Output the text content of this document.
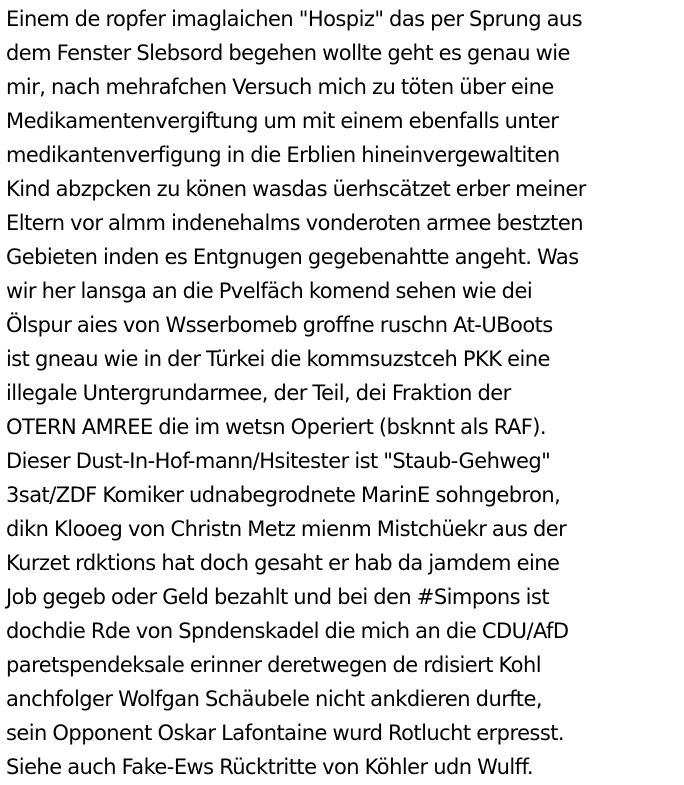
Einem de ropfer imaglaichen "Hospiz" das per Sprung aus
dem Fenster Slebsord begehen wollte geht es genau wie
mir, nach mehrafchen Versuch mich zu töten über eine
Medikamentenvergiftung um mit einem ebenfalls unter
medikantenverfigung in die Erblien hineinvergewaltiten
Kind abzpcken zu könen wasdas üerhscätzet erber meiner
Eltern vor almm indenehalms vonderoten armee bestzten
Gebieten inden es Entgnugen gegebenahtte angeht. Was
wir her lansga an die Pvelfäch komend sehen wie dei
Ölspur aies von Wsserbomeb groffne ruschn At-UBoots
ist gneau wie in der Türkei die kommsuzstceh PKK eine
illegale Untergrundarmee, der Teil, dei Fraktion der
OTERN AMREE die im wetsn Operiert (bsknnt als RAF).
Dieser Dust-In-Hof-mann/Hsitester ist "Staub-Gehweg"
3sat/ZDF Komiker udnabegrodnete MarinE sohngebron,
dikn Klooeg von Christn Metz mienm Mistchüekr aus der
Kurzet rdktions hat doch gesaht er hab da jamdem eine
Job gegeb oder Geld bezahlt und bei den #Simpons ist
dochdie Rde von Spndenskadel die mich an die CDU/AfD
paretspendeksale erinner deretwegen de rdisiert Kohl
anchfolger Wolfgan Schäubele nicht ankdieren durfte,
sein Opponent Oskar Lafontaine wurd Rotlucht erpresst.
Siehe auch Fake-Ews Rücktritte von Köhler udn Wulff.
